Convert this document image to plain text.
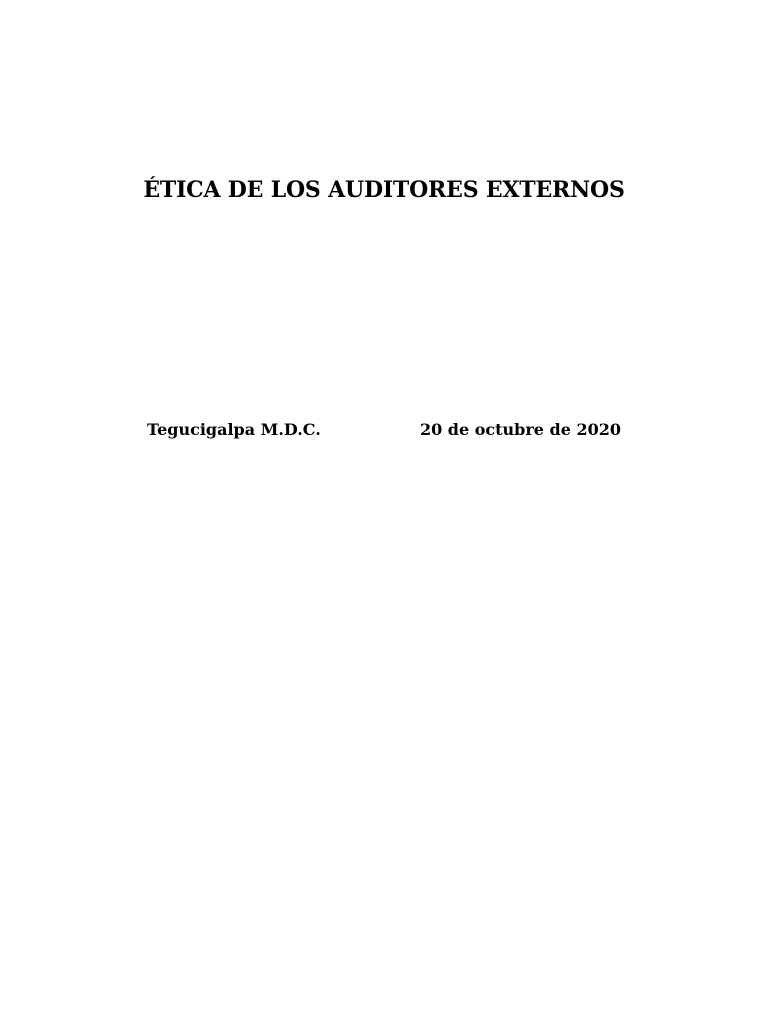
ÉTICA DE LOS AUDITORES EXTERNOS
Tegucigalpa M.D.C.	20 de octubre de 2020
